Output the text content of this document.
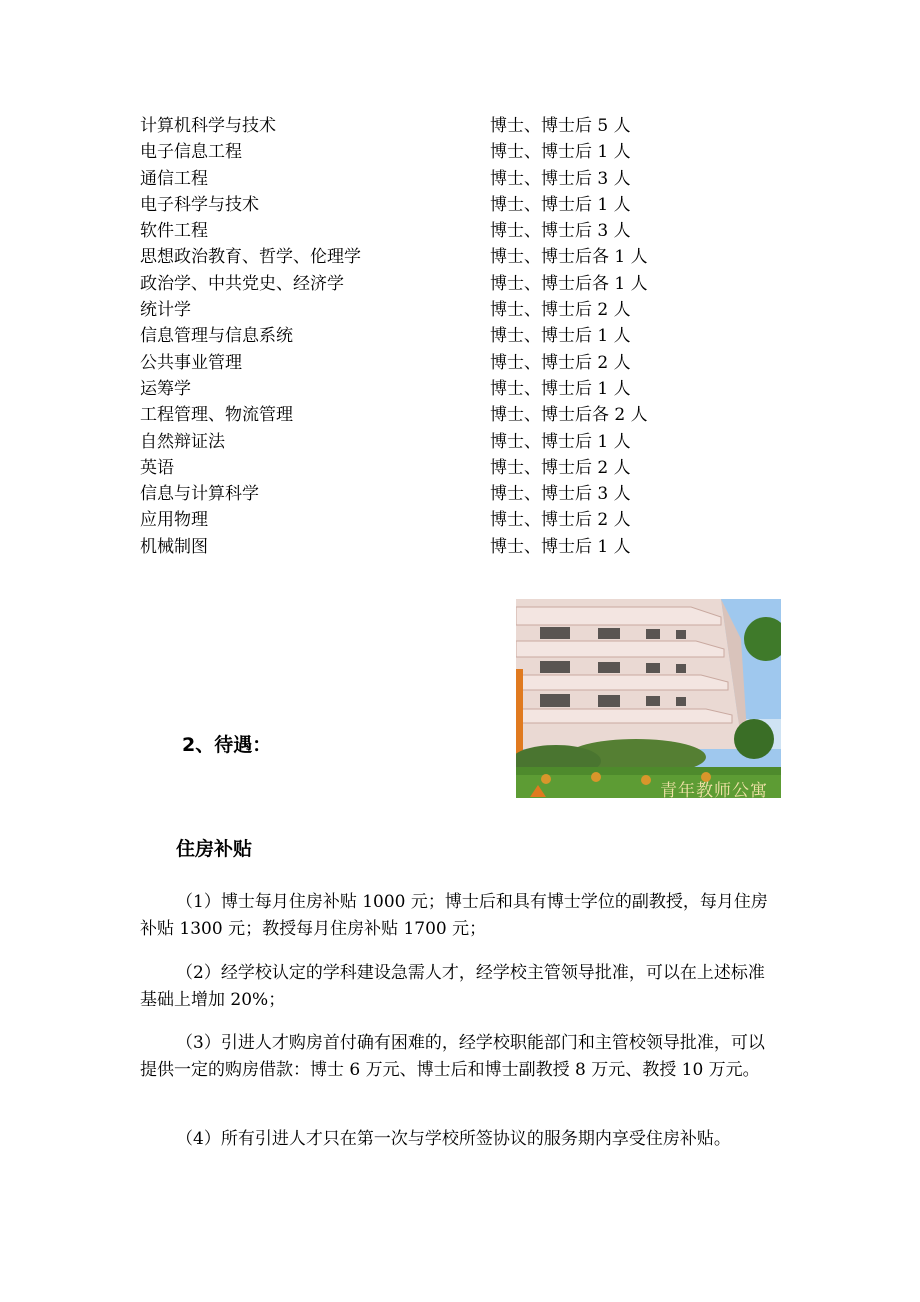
计算机科学与技术	博士、博士后 5 人
电子信息工程	博士、博士后 1 人
通信工程	博士、博士后 3 人
电子科学与技术	博士、博士后 1 人
软件工程	博士、博士后 3 人
思想政治教育、哲学、伦理学	博士、博士后各 1 人
政治学、中共党史、经济学	博士、博士后各 1 人
统计学	博士、博士后 2 人
信息管理与信息系统	博士、博士后 1 人
公共事业管理	博士、博士后 2 人
运筹学	博士、博士后 1 人
工程管理、物流管理	博士、博士后各 2 人
自然辩证法	博士、博士后 1 人
英语	博士、博士后 2 人
信息与计算科学	博士、博士后 3 人
应用物理	博士、博士后 2 人
机械制图	博士、博士后 1 人
青年教师公寓
2、待遇：
住房补贴

（1）博士每月住房补贴 1000 元；博士后和具有博士学位的副教授，每月住房补贴 1300 元；教授每月住房补贴 1700 元；

（2）经学校认定的学科建设急需人才，经学校主管领导批准，可以在上述标准基础上增加 20%；

（3）引进人才购房首付确有困难的，经学校职能部门和主管校领导批准，可以提供一定的购房借款：博士 6 万元、博士后和博士副教授 8 万元、教授 10 万元。

（4）所有引进人才只在第一次与学校所签协议的服务期内享受住房补贴。
